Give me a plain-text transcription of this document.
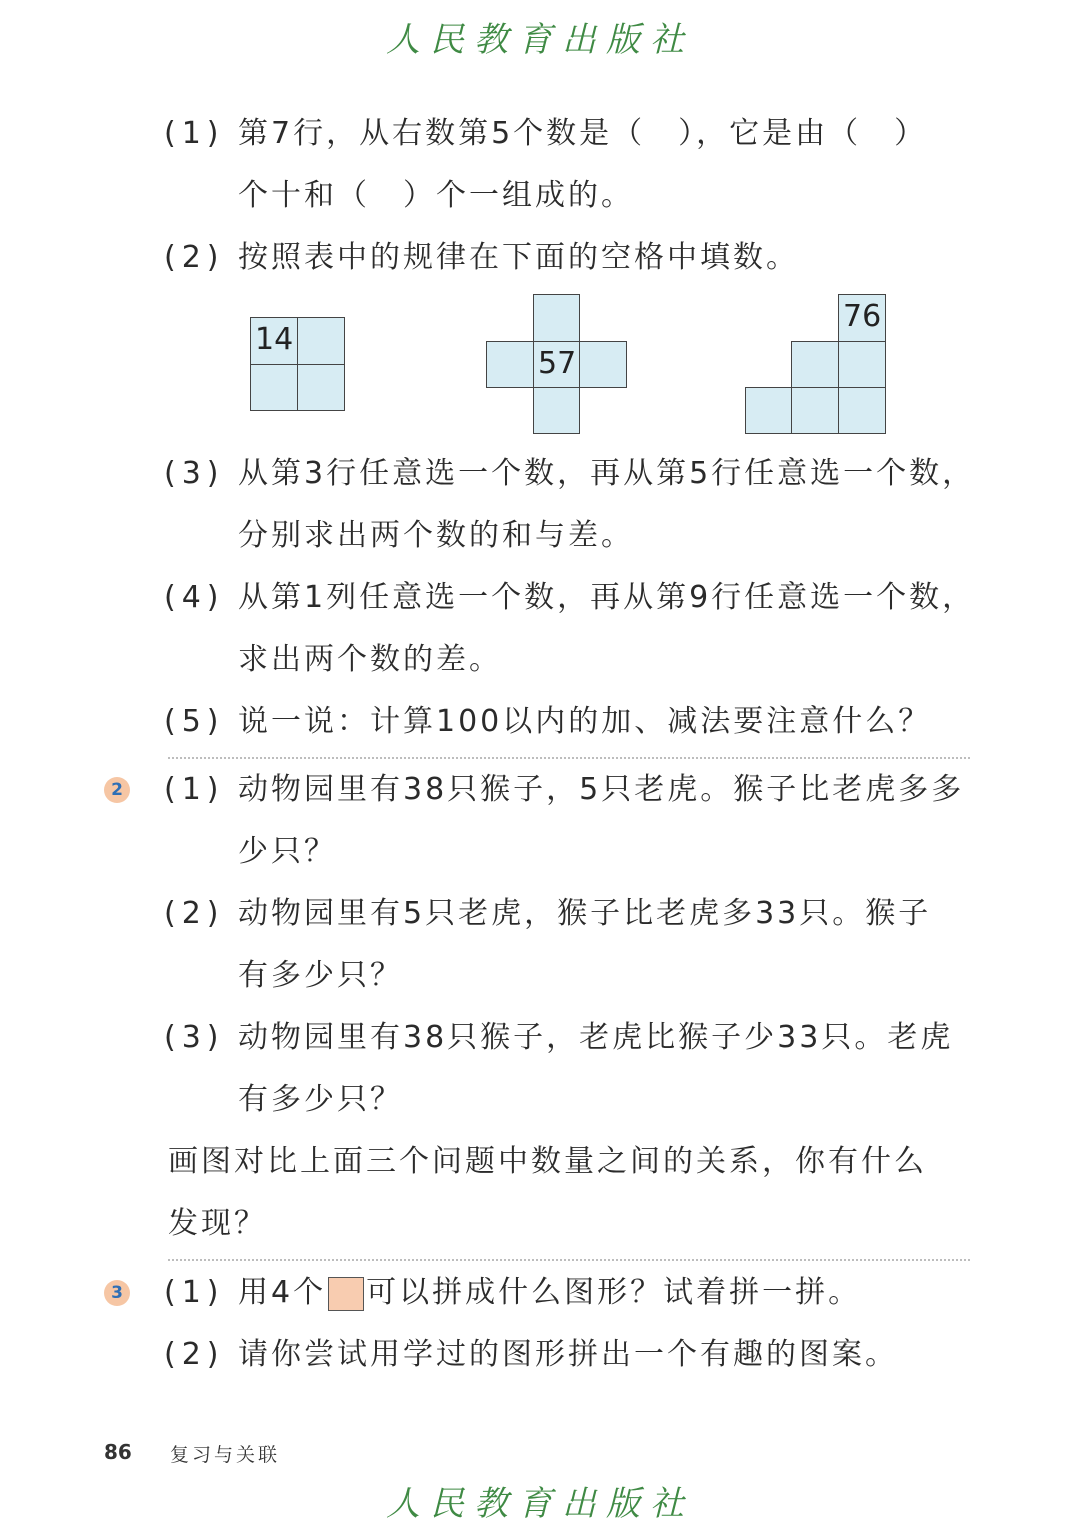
人民教育出版社
(1) 第7行，从右数第5个数是（　），它是由（　）
个十和（　）个一组成的。
(2) 按照表中的规律在下面的空格中填数。
14
57
76
(3) 从第3行任意选一个数，再从第5行任意选一个数，
分别求出两个数的和与差。
(4) 从第1列任意选一个数，再从第9行任意选一个数，
求出两个数的差。
(5) 说一说：计算100以内的加、减法要注意什么？
2 (1) 动物园里有38只猴子，5只老虎。猴子比老虎多多
少只？
(2) 动物园里有5只老虎，猴子比老虎多33只。猴子
有多少只？
(3) 动物园里有38只猴子，老虎比猴子少33只。老虎
有多少只？
画图对比上面三个问题中数量之间的关系，你有什么
发现？
3 (1) 用4个 可以拼成什么图形？试着拼一拼。
(2) 请你尝试用学过的图形拼出一个有趣的图案。
86 复习与关联
人民教育出版社
